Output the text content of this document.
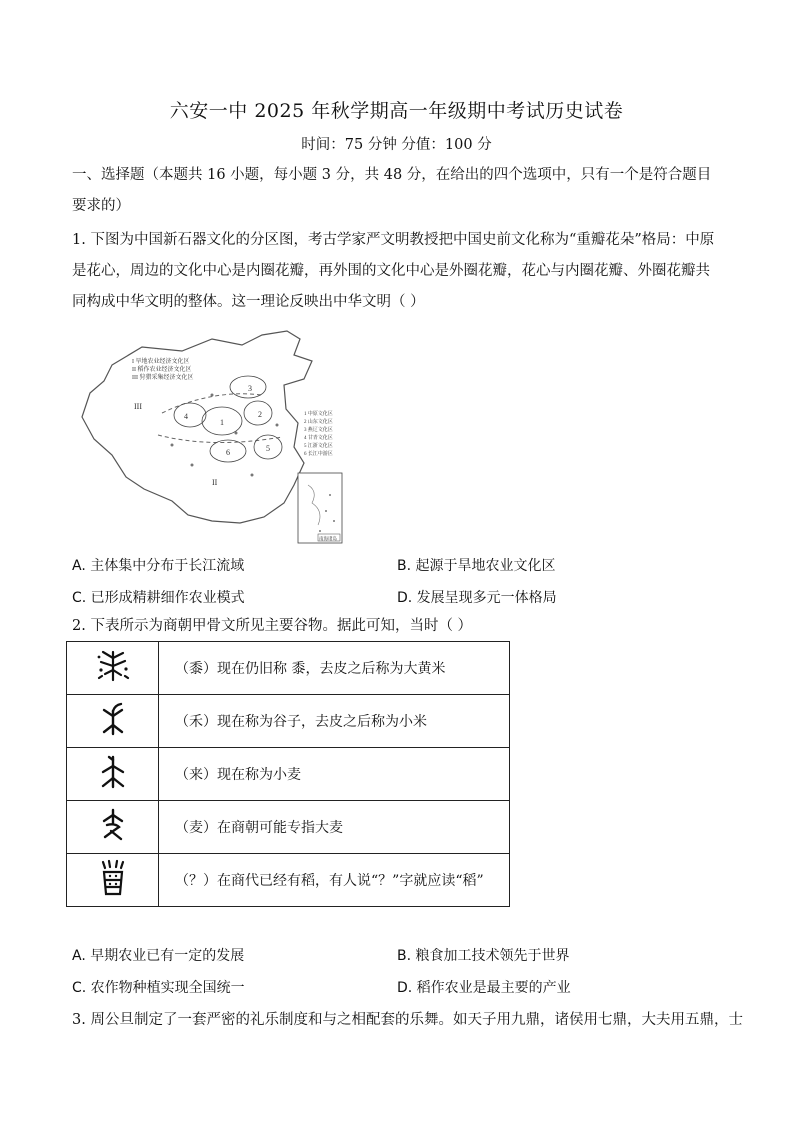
六安一中 2025 年秋学期高一年级期中考试历史试卷
时间：75 分钟 分值：100 分
一、选择题（本题共 16 小题，每小题 3 分，共 48 分，在给出的四个选项中，只有一个是符合题目要求的）
1. 下图为中国新石器文化的分区图，考古学家严文明教授把中国史前文化称为“重瓣花朵”格局：中原是花心，周边的文化中心是内圈花瓣，再外围的文化中心是外圈花瓣，花心与内圈花瓣、外圈花瓣共同构成中华文明的整体。这一理论反映出中华文明（ ）
III
II
1
2
3
4
5
6
I 旱地农业经济文化区
II 稻作农业经济文化区
III 狩猎采集经济文化区
1 中原文化区
2 山东文化区
3 燕辽文化区
4 甘青文化区
5 江浙文化区
6 长江中游区
南海诸岛
A. 主体集中分布于长江流域	B. 起源于旱地农业文化区
C. 已形成精耕细作农业模式	D. 发展呈现多元一体格局
2. 下表所示为商朝甲骨文所见主要谷物。据此可知，当时（ ）
	（黍）现在仍旧称 黍，去皮之后称为大黄米
	（禾）现在称为谷子，去皮之后称为小米
	（来）现在称为小麦
	（麦）在商朝可能专指大麦
	（？）在商代已经有稻，有人说“？”字就应读“稻”
A. 早期农业已有一定的发展	B. 粮食加工技术领先于世界
C. 农作物种植实现全国统一	D. 稻作农业是最主要的产业
3. 周公旦制定了一套严密的礼乐制度和与之相配套的乐舞。如天子用九鼎，诸侯用七鼎，大夫用五鼎，士
